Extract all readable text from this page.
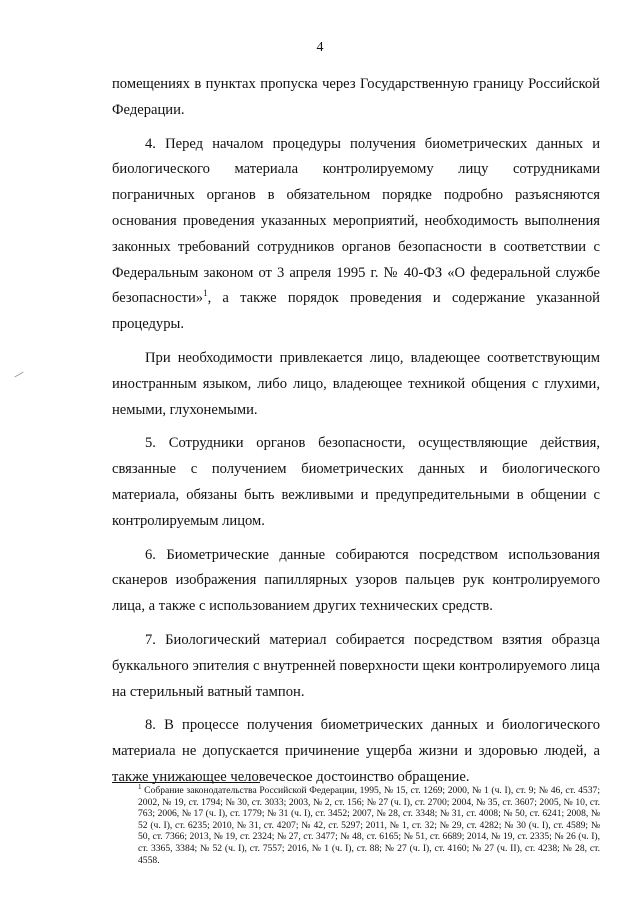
4

помещениях в пунктах пропуска через Государственную границу Российской Федерации.

4. Перед началом процедуры получения биометрических данных и биологического материала контролируемому лицу сотрудниками пограничных органов в обязательном порядке подробно разъясняются основания проведения указанных мероприятий, необходимость выполнения законных требований сотрудников органов безопасности в соответствии с Федеральным законом от 3 апреля 1995 г. № 40-ФЗ «О федеральной службе безопасности»$^1$, а также порядок проведения и содержание указанной процедуры.

При необходимости привлекается лицо, владеющее соответствующим иностранным языком, либо лицо, владеющее техникой общения с глухими, немыми, глухонемыми.

5. Сотрудники органов безопасности, осуществляющие действия, связанные с получением биометрических данных и биологического материала, обязаны быть вежливыми и предупредительными в общении с контролируемым лицом.

6. Биометрические данные собираются посредством использования сканеров изображения папиллярных узоров пальцев рук контролируемого лица, а также с использованием других технических средств.

7. Биологический материал собирается посредством взятия образца буккального эпителия с внутренней поверхности щеки контролируемого лица на стерильный ватный тампон.

8. В процессе получения биометрических данных и биологического материала не допускается причинение ущерба жизни и здоровью людей, а также унижающее человеческое достоинство обращение.

$^1$ Собрание законодательства Российской Федерации, 1995, № 15, ст. 1269; 2000, № 1 (ч. I), ст. 9; № 46, ст. 4537; 2002, № 19, ст. 1794; № 30, ст. 3033; 2003, № 2, ст. 156; № 27 (ч. I), ст. 2700; 2004, № 35, ст. 3607; 2005, № 10, ст. 763; 2006, № 17 (ч. I), ст. 1779; № 31 (ч. I), ст. 3452; 2007, № 28, ст. 3348; № 31, ст. 4008; № 50, ст. 6241; 2008, № 52 (ч. I), ст. 6235; 2010, № 31, ст. 4207; № 42, ст. 5297; 2011, № 1, ст. 32; № 29, ст. 4282; № 30 (ч. I), ст. 4589; № 50, ст. 7366; 2013, № 19, ст. 2324; № 27, ст. 3477; № 48, ст. 6165; № 51, ст. 6689; 2014, № 19, ст. 2335; № 26 (ч. I), ст. 3365, 3384; № 52 (ч. I), ст. 7557; 2016, № 1 (ч. I), ст. 88; № 27 (ч. I), ст. 4160; № 27 (ч. II), ст. 4238; № 28, ст. 4558.
